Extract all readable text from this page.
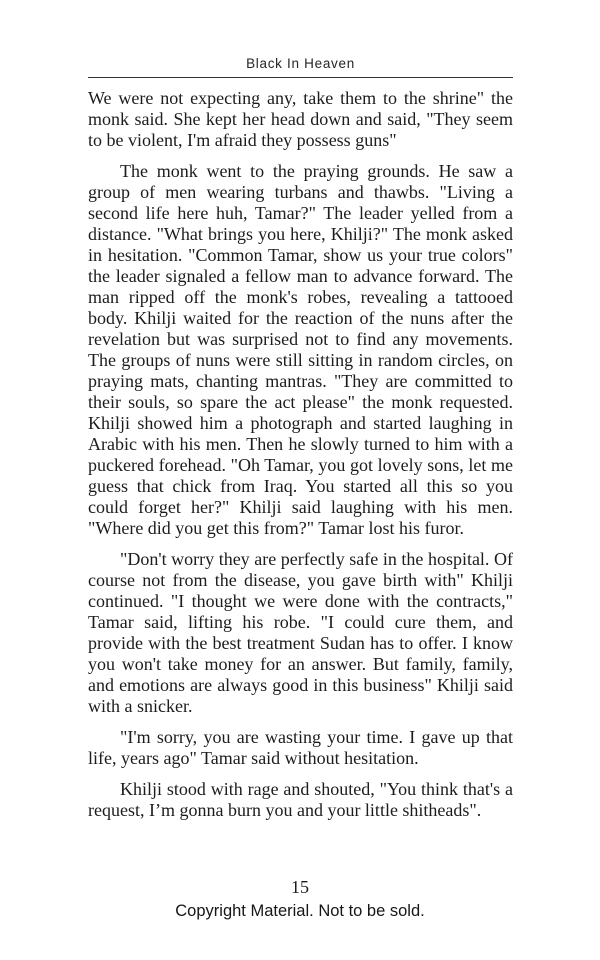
Black In Heaven

We were not expecting any, take them to the shrine" the monk said. She kept her head down and said, "They seem to be violent, I'm afraid they possess guns"

The monk went to the praying grounds. He saw a group of men wearing turbans and thawbs. "Living a second life here huh, Tamar?" The leader yelled from a distance. "What brings you here, Khilji?" The monk asked in hesitation. "Common Tamar, show us your true colors" the leader signaled a fellow man to advance forward. The man ripped off the monk's robes, revealing a tattooed body. Khilji waited for the reaction of the nuns after the revelation but was surprised not to find any movements. The groups of nuns were still sitting in random circles, on praying mats, chanting mantras. "They are committed to their souls, so spare the act please" the monk requested. Khilji showed him a photograph and started laughing in Arabic with his men. Then he slowly turned to him with a puckered forehead. "Oh Tamar, you got lovely sons, let me guess that chick from Iraq. You started all this so you could forget her?" Khilji said laughing with his men. "Where did you get this from?" Tamar lost his furor.

"Don't worry they are perfectly safe in the hospital. Of course not from the disease, you gave birth with" Khilji continued. "I thought we were done with the contracts," Tamar said, lifting his robe. "I could cure them, and provide with the best treatment Sudan has to offer. I know you won't take money for an answer. But family, family, and emotions are always good in this business" Khilji said with a snicker.

"I'm sorry, you are wasting your time. I gave up that life, years ago" Tamar said without hesitation.

Khilji stood with rage and shouted, "You think that's a request, I’m gonna burn you and your little shitheads".

15
Copyright Material. Not to be sold.
